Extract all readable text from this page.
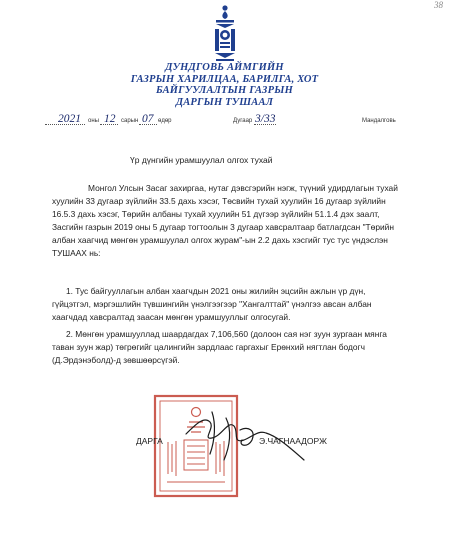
38
ДУНДГОВЬ АЙМГИЙН
ГАЗРЫН ХАРИЛЦАА, БАРИЛГА, ХОТ
БАЙГУУЛАЛТЫН ГАЗРЫН
ДАРГЫН ТУШААЛ
2021 оны 12 сарын 07 өдөр	Дугаар 3/33	Мандалговь
Үр дүнгийн урамшуулал олгох тухай
Монгол Улсын Засаг захиргаа, нутаг дэвсгэрийн нэгж, түүний удирдлагын тухай хуулийн 33 дугаар зүйлийн 33.5 дахь хэсэг, Төсвийн тухай хуулийн 16 дугаар зүйлийн 16.5.3 дахь хэсэг, Төрийн албаны тухай хуулийн 51 дүгээр зүйлийн 51.1.4 дэх заалт, Засгийн газрын 2019 оны 5 дугаар тогтоолын 3 дугаар хавсралтаар батлагдсан "Төрийн албан хаагчид мөнгөн урамшуулал олгох журам"-ын 2.2 дахь хэсгийг тус тус үндэслэн ТУШААХ нь:
1. Тус байгууллагын албан хаагчдын 2021 оны жилийн эцсийн ажлын үр дүн, гүйцэтгэл, мэргэшлийн түвшингийн үнэлгээгээр "Хангалттай" үнэлгээ авсан албан хаагчдад хавсралтад заасан мөнгөн урамшууллыг олгосугай.
2. Мөнгөн урамшууллад шаардагдах 7,106,560 (долоон сая нэг зуун зургаан мянга таван зуун жар) төгрөгийг цалингийн зардлаас гаргахыг Ерөнхий нягтлан бодогч (Д.Эрдэнэболд)-д зөвшөөрсүгэй.
ДАРГА	Э.ЧАГНААДОРЖ
